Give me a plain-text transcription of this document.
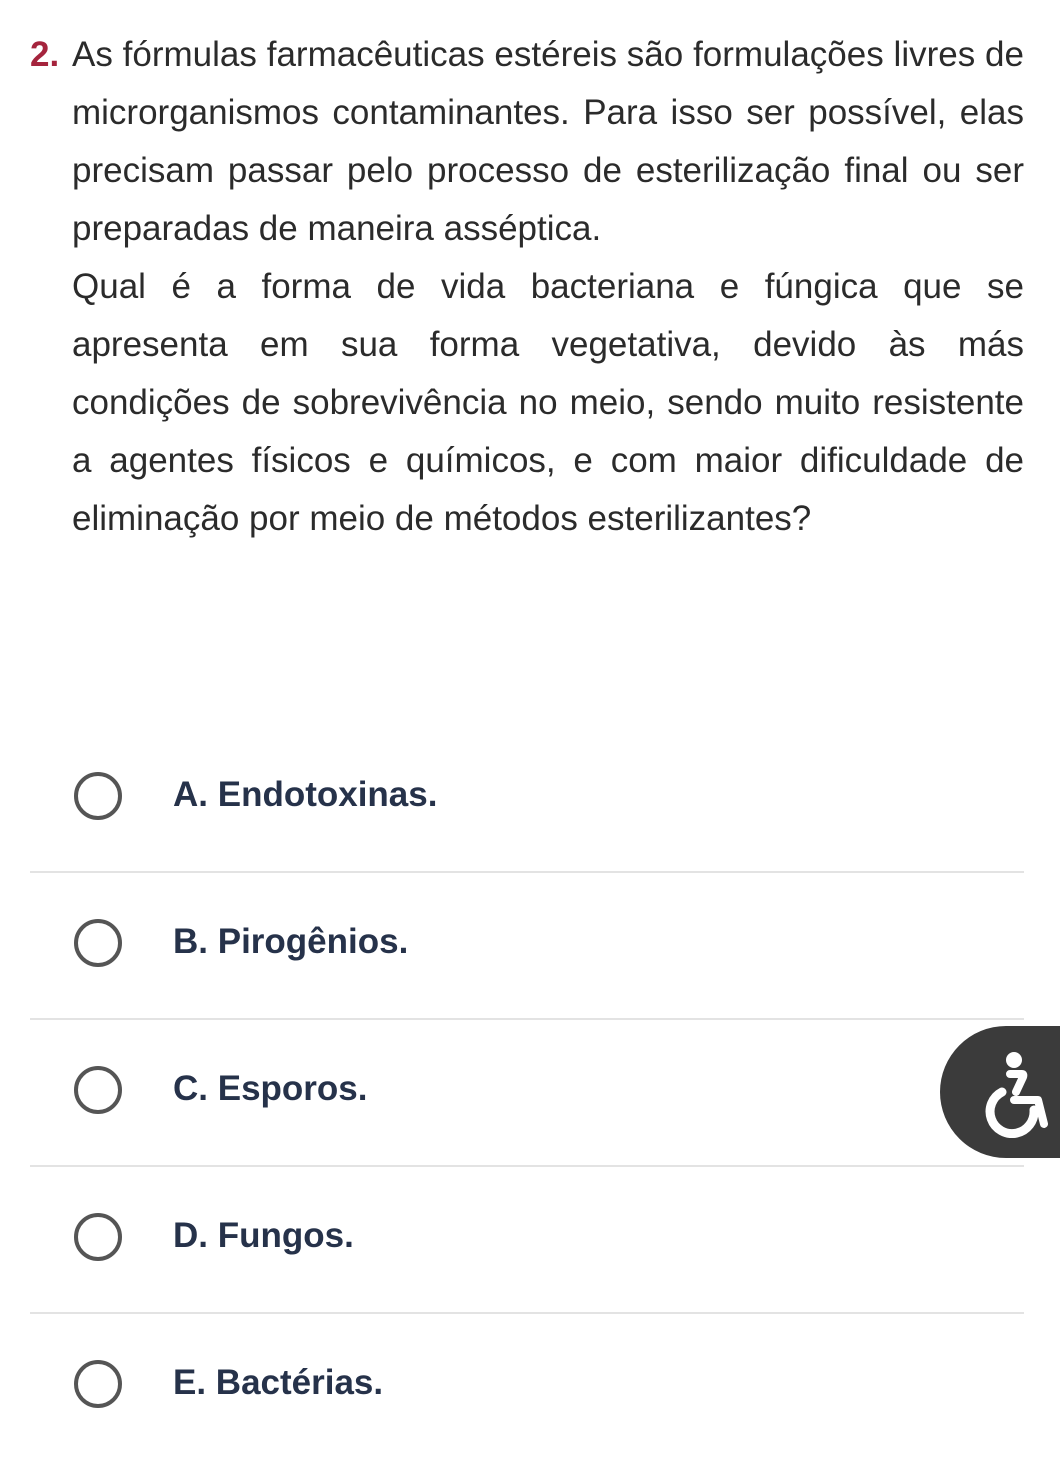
2. As fórmulas farmacêuticas estéreis são formulações livres de microrganismos contaminantes. Para isso ser possível, elas precisam passar pelo processo de esterilização final ou ser preparadas de maneira asséptica.

Qual é a forma de vida bacteriana e fúngica que se apresenta em sua forma vegetativa, devido às más condições de sobrevivência no meio, sendo muito resistente a agentes físicos e químicos, e com maior dificuldade de eliminação por meio de métodos esterilizantes?

A. Endotoxinas.
B. Pirogênios.
C. Esporos.
D. Fungos.
E. Bactérias.
